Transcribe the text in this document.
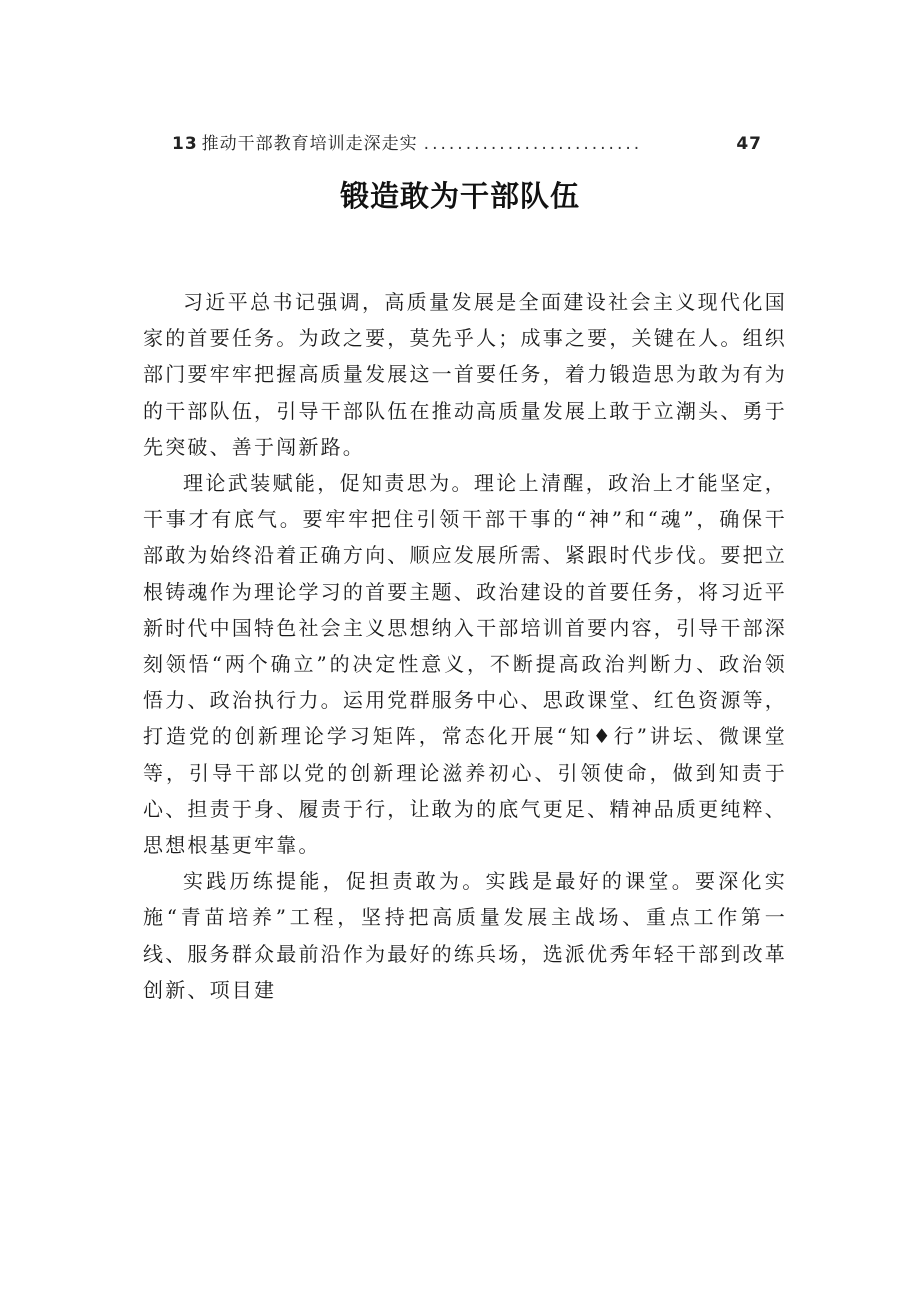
13 推动干部教育培训走深走实 ..........................	47
锻造敢为干部队伍

习近平总书记强调，高质量发展是全面建设社会主义现代化国家的首要任务。为政之要，莫先乎人；成事之要，关键在人。组织部门要牢牢把握高质量发展这一首要任务，着力锻造思为敢为有为的干部队伍，引导干部队伍在推动高质量发展上敢于立潮头、勇于先突破、善于闯新路。

理论武装赋能，促知责思为。理论上清醒，政治上才能坚定，干事才有底气。要牢牢把住引领干部干事的“神”和“魂”，确保干部敢为始终沿着正确方向、顺应发展所需、紧跟时代步伐。要把立根铸魂作为理论学习的首要主题、政治建设的首要任务，将习近平新时代中国特色社会主义思想纳入干部培训首要内容，引导干部深刻领悟“两个确立”的决定性意义，不断提高政治判断力、政治领悟力、政治执行力。运用党群服务中心、思政课堂、红色资源等，打造党的创新理论学习矩阵，常态化开展“知♦行”讲坛、微课堂等，引导干部以党的创新理论滋养初心、引领使命，做到知责于心、担责于身、履责于行，让敢为的底气更足、精神品质更纯粹、思想根基更牢靠。

实践历练提能，促担责敢为。实践是最好的课堂。要深化实施“青苗培养”工程，坚持把高质量发展主战场、重点工作第一线、服务群众最前沿作为最好的练兵场，选派优秀年轻干部到改革创新、项目建
